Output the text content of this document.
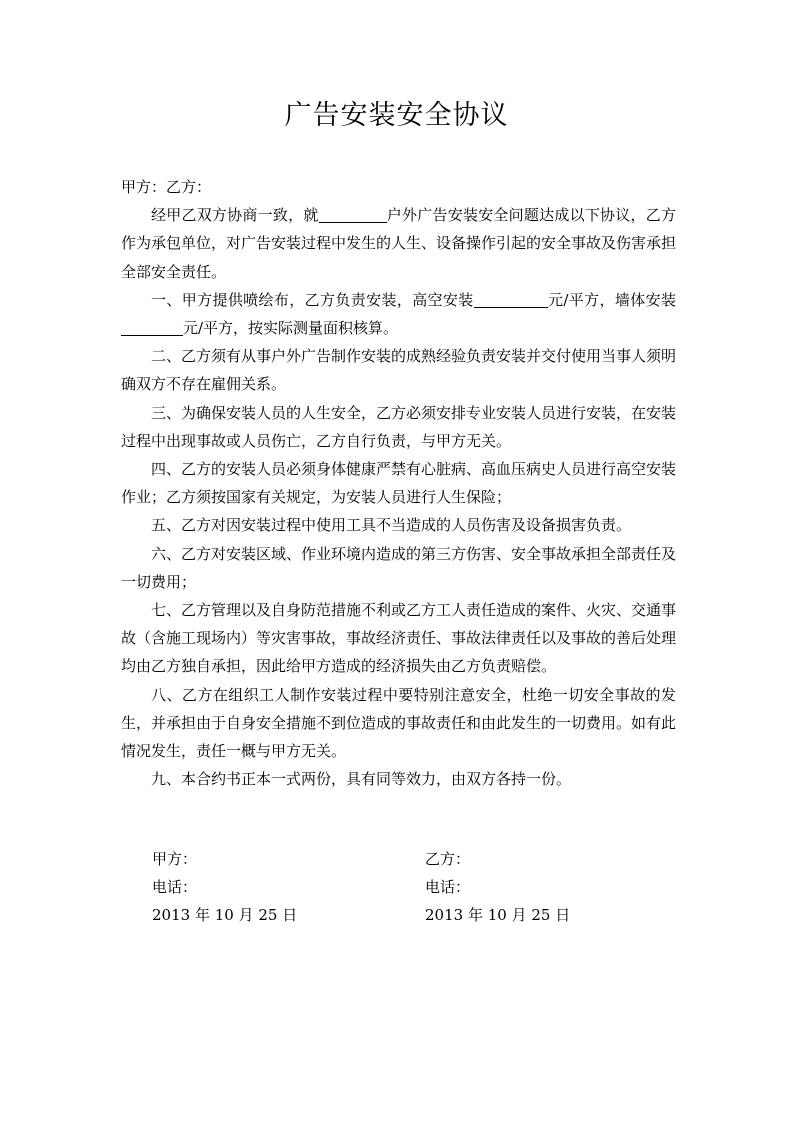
广告安装安全协议

甲方：乙方：

经甲乙双方协商一致，就	户外广告安装安全问题达成以下协议，乙方作为承包单位，对广告安装过程中发生的人生、设备操作引起的安全事故及伤害承担全部安全责任。

一、甲方提供喷绘布，乙方负责安装，高空安装	元/平方，墙体安装元/平方，按实际测量面积核算。

二、乙方须有从事户外广告制作安装的成熟经验负责安装并交付使用当事人须明确双方不存在雇佣关系。

三、为确保安装人员的人生安全，乙方必须安排专业安装人员进行安装，在安装过程中出现事故或人员伤亡，乙方自行负责，与甲方无关。

四、乙方的安装人员必须身体健康严禁有心脏病、高血压病史人员进行高空安装作业；乙方须按国家有关规定，为安装人员进行人生保险；

五、乙方对因安装过程中使用工具不当造成的人员伤害及设备损害负责。

六、乙方对安装区域、作业环境内造成的第三方伤害、安全事故承担全部责任及一切费用；

七、乙方管理以及自身防范措施不利或乙方工人责任造成的案件、火灾、交通事故（含施工现场内）等灾害事故，事故经济责任、事故法律责任以及事故的善后处理均由乙方独自承担，因此给甲方造成的经济损失由乙方负责赔偿。

八、乙方在组织工人制作安装过程中要特别注意安全，杜绝一切安全事故的发生，并承担由于自身安全措施不到位造成的事故责任和由此发生的一切费用。如有此情况发生，责任一概与甲方无关。

九、本合约书正本一式两份，具有同等效力，由双方各持一份。

甲方：
电话：
2013 年 10 月 25 日
乙方：
电话：
2013 年 10 月 25 日
